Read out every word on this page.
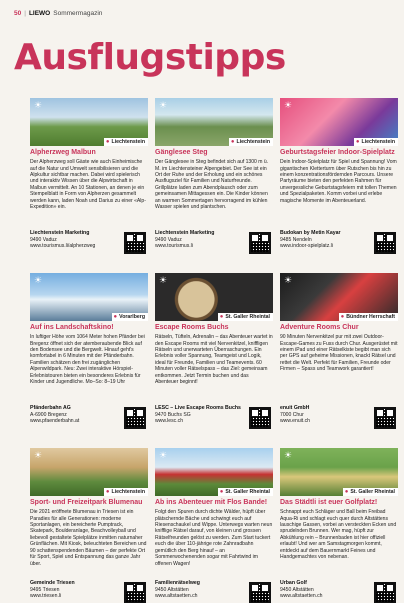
50 | LIEWO Sommermagazin
Ausflugstipps
☀
● Liechtenstein
Alpherzweg Malbun
Der Alpherzweg soll Gäste wie auch Einheimische auf die Natur und Umwelt sensibilisieren und die Alpkultur sichtbar machen. Dabei wird spielerisch und interaktiv Wissen über die Alpwirtschaft in Malbun vermittelt. An 10 Stationen, an denen je ein Stempelblatt in Form von Alpherzen gesammelt werden kann, laden Noah und Darius zu einer «Alp-Expedition» ein.
Liechtenstein Marketing
9490 Vaduz
www.tourismus.li/alpherzweg
☀
● Liechtenstein
Gänglesee Steg
Der Gänglesee in Steg befindet sich auf 1300 m ü. M. im Liechtensteiner Alpengebiet. Der See ist ein Ort der Ruhe und der Erholung und ein schönes Ausflugsziel für Familien und Naturfreunde. Grillplätze laden zum Abendplausch oder zum gemeinsamen Mittagessen ein. Die Kinder können an warmen Sommertagen hervorragend im kühlen Wasser spielen und plantschen.
Liechtenstein Marketing
9490 Vaduz
www.tourismus.li
☀
● Liechtenstein
Geburtstagsfeier Indoor-Spielplatz
Dein Indoor-Spielplatz für Spiel und Spannung! Vom gigantischen Kletterturm über Rutschen bis hin zu einem konzentrationsfördernden Parcours. Unsere Partyräume bieten den perfekten Rahmen für unvergessliche Geburtstagsfeiern mit tollen Themen und Spezialpaketen. Komm vorbei und erlebe magische Momente im Abenteuerland.
Budokan by Metin Kayar
9485 Nendeln
www.indoor-spielplatz.li
☀
● Vorarlberg
Auf ins Landschaftskino!
In luftiger Höhe vom 1064 Meter hohen Pfänder bei Bregenz öffnet sich der atemberaubende Blick auf den Bodensee und die Bergwelt. Hinauf geht's komfortabel in 6 Minuten mit der Pfänderbahn. Familien schätzen den frei zugänglichen Alpenwildpark. Neu: Zwei interaktive Hörspiel-Erlebnistouren bieten ein besonderes Erlebnis für Kinder und Jugendliche. Mo–So: 8–19 Uhr
Pfänderbahn AG
A-6900 Bregenz
www.pfaenderbahn.at
☀
● St. Galler Rheintal
Escape Rooms Buchs
Rätseln, Tüfteln, Adrenalin – das Abenteuer wartet in den Escape Rooms mit viel Nervenkitzel, kniffligen Rätseln und unerwarteten Überraschungen. Ein Erlebnis voller Spannung, Teamgeist und Logik, ideal für Freunde, Familien und Teamevents. 60 Minuten voller Rätselspass – das Ziel: gemeinsam entkommen. Jetzt Termin buchen und das Abenteuer beginnt!
LESC – Live Escape Rooms Buchs
9470 Buchs SG
www.lesc.ch
☀
● Bündner Herrschaft
Adventure Rooms Chur
90 Minuten Nervenkitzel pur mit zwei Outdoor-Escape-Games zu Fuss durch Chur. Ausgerüstet mit einem iPad und einer Rätselkiste begibt man sich per GPS auf geheime Missionen, knackt Rätsel und rettet die Welt. Perfekt für Familien, Freunde oder Firmen – Spass und Teamwork garantiert!
enuit GmbH
7000 Chur
www.enuit.ch
☀
● Liechtenstein
Sport- und Freizeitpark Blumenau
Die 2021 eröffnete Blumenau in Triesen ist ein Paradies für alle Generationen: moderne Sportanlagen, ein bereicherte Pumptrack, Skatepark, Boulderanlage, Beachvolleyball und liebevoll gestaltete Spielplätze inmitten naturnaher Grünflächen. Mit Kiosk, beleuchteten Bereichen und 90 schattenspendenden Bäumen – der perfekte Ort für Sport, Spiel und Entspannung das ganze Jahr über.
Gemeinde Triesen
9495 Triesen
www.triesen.li
☀
● St. Galler Rheintal
Ab ins Abenteuer mit Flos Bande!
Folgt den Spuren durch dichte Wälder, hüpft über plätschernde Bäche und schwingt euch auf Riesenschaukel und Wippe. Unterwegs warten neun knifflige Rätsel darauf, von kleinen und grossen Rätselfreunden gelöst zu werden. Zum Start tuckert euch die über 110-jährige rote Zahnradbahn gemütlich den Berg hinauf – an Sommerwochenenden sogar mit Fahrtwind im offenen Wagen!
Familienrätselweg
9450 Altstätten
www.altstaetten.ch
☀
● St. Galler Rheintal
Das Städtli ist euer Golfplatz!
Schnappt euch Schläger und Ball beim Freibad Aqua-Ri und schlagt euch quer durch Altstättens lauschige Gassen, vorbei an versteckten Ecken und sprudelnden Brunnen. Wer mag, hüpft zur Abkühlung rein – Brunnenbaden ist hier offiziell erlaubt! Und wer am Samstagmorgen kommt, entdeckt auf dem Bauernmarkt Feines und Handgemachtes von nebenan.
Urban Golf
9450 Altstätten
www.altstaetten.ch
